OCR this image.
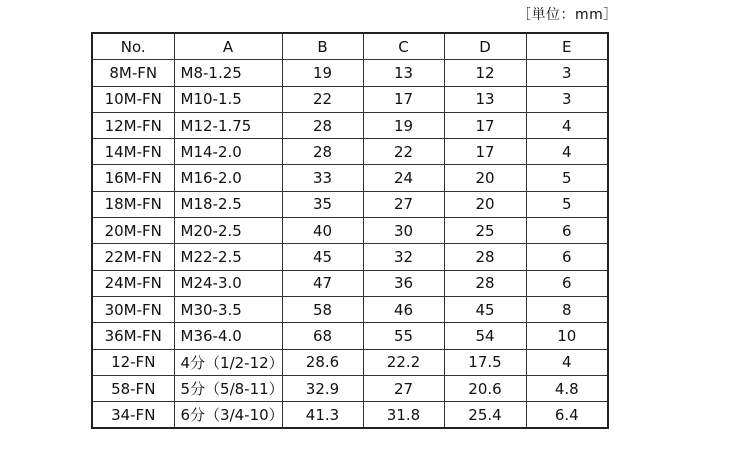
［単位：mm］
No.	A	B	C	D	E
8M-FN	M8-1.25	19	13	12	3
10M-FN	M10-1.5	22	17	13	3
12M-FN	M12-1.75	28	19	17	4
14M-FN	M14-2.0	28	22	17	4
16M-FN	M16-2.0	33	24	20	5
18M-FN	M18-2.5	35	27	20	5
20M-FN	M20-2.5	40	30	25	6
22M-FN	M22-2.5	45	32	28	6
24M-FN	M24-3.0	47	36	28	6
30M-FN	M30-3.5	58	46	45	8
36M-FN	M36-4.0	68	55	54	10
12-FN	4分（1/2-12）	28.6	22.2	17.5	4
58-FN	5分（5/8-11）	32.9	27	20.6	4.8
34-FN	6分（3/4-10）	41.3	31.8	25.4	6.4
